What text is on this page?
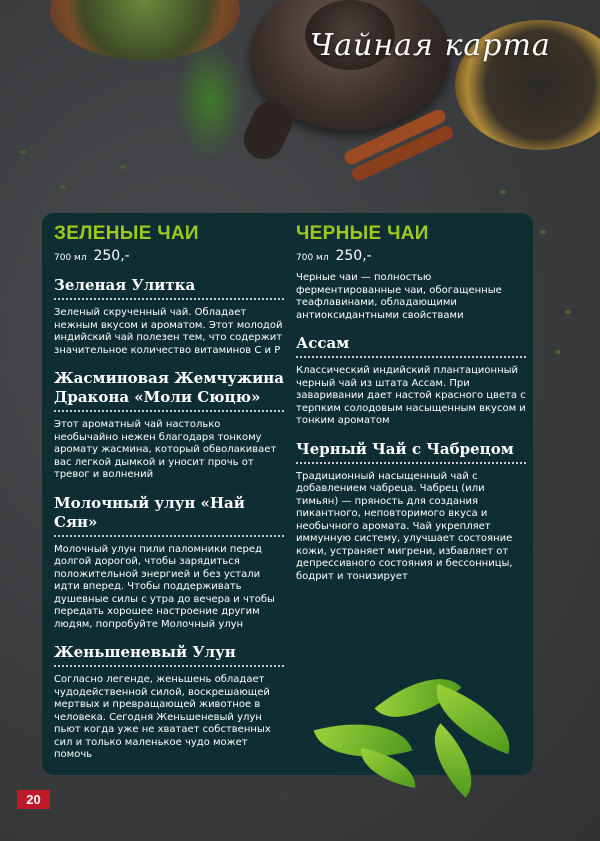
Чайная карта
ЗЕЛЕНЫЕ ЧАИ
700 мл 250,-
Зеленая Улитка
Зеленый скрученный чай. Обладает нежным вкусом и ароматом. Этот молодой индийский чай полезен тем, что содержит значительное количество витаминов С и Р
Жасминовая Жемчужина Дракона «Моли Сюцю»
Этот ароматный чай настолько необычайно нежен благодаря тонкому аромату жасмина, который обволакивает вас легкой дымкой и уносит прочь от тревог и волнений
Молочный улун «Най Сян»
Молочный улун пили паломники перед долгой дорогой, чтобы зарядиться положительной энергией и без устали идти вперед. Чтобы поддерживать душевные силы с утра до вечера и чтобы передать хорошее настроение другим людям, попробуйте Молочный улун
Женьшеневый Улун
Согласно легенде, женьшень обладает чудодейственной силой, воскрешающей мертвых и превращающей животное в человека. Сегодня Женьшеневый улун пьют когда уже не хватает собственных сил и только маленькое чудо может помочь
ЧЕРНЫЕ ЧАИ
700 мл 250,-
Черные чаи — полностью ферментированные чаи, обогащенные теафлавинами, обладающими антиоксидантными свойствами
Ассам
Классический индийский плантационный черный чай из штата Ассам. При заваривании дает настой красного цвета с терпким солодовым насыщенным вкусом и тонким ароматом
Черный Чай с Чабрецом
Традиционный насыщенный чай с добавлением чабреца. Чабрец (или тимьян) — пряность для создания пикантного, неповторимого вкуса и необычного аромата. Чай укрепляет иммунную систему, улучшает состояние кожи, устраняет мигрени, избавляет от депрессивного состояния и бессонницы, бодрит и тонизирует
20
